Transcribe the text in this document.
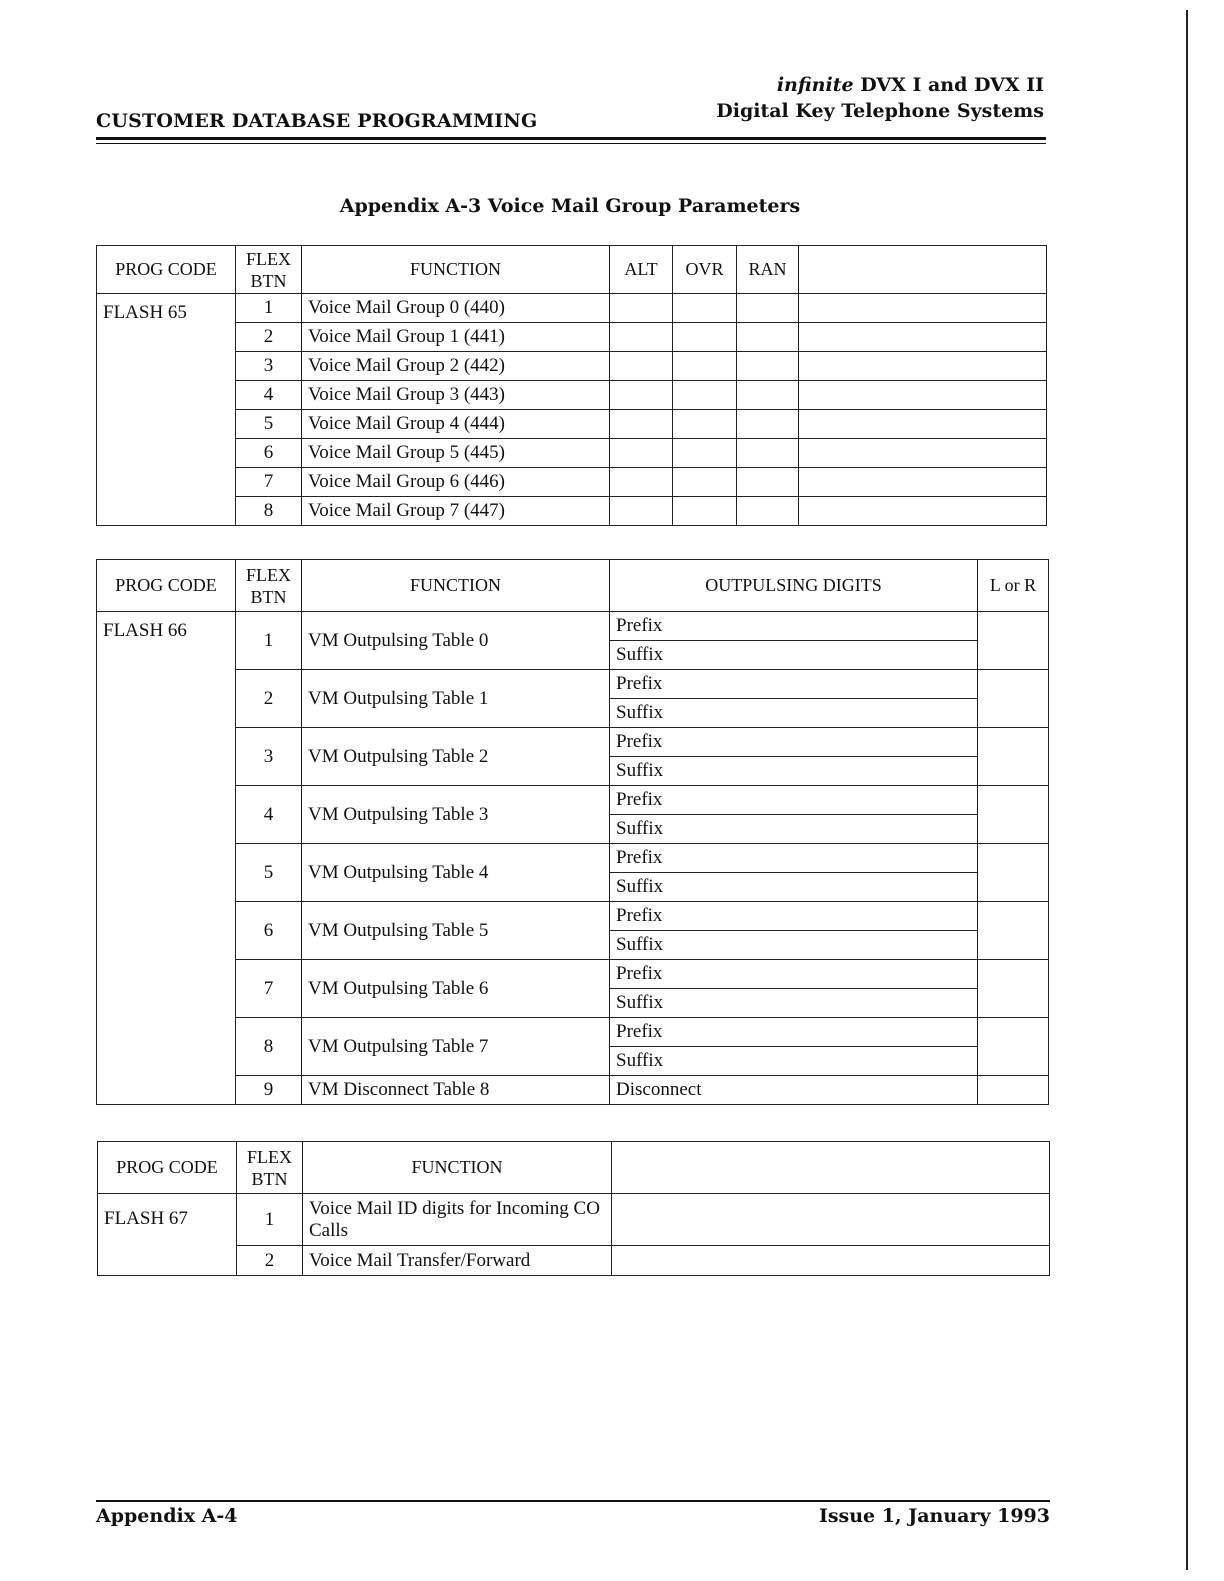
CUSTOMER DATABASE PROGRAMMING
infinite DVX I and DVX II
Digital Key Telephone Systems
Appendix A-3 Voice Mail Group Parameters
PROG CODE	FLEX BTN	FUNCTION	ALT	OVR	RAN	
FLASH 65	1	Voice Mail Group 0 (440)				
	2	Voice Mail Group 1 (441)				
	3	Voice Mail Group 2 (442)				
	4	Voice Mail Group 3 (443)				
	5	Voice Mail Group 4 (444)				
	6	Voice Mail Group 5 (445)				
	7	Voice Mail Group 6 (446)				
	8	Voice Mail Group 7 (447)				
PROG CODE	FLEX BTN	FUNCTION	OUTPULSING DIGITS	L or R
FLASH 66	1	VM Outpulsing Table 0	Prefix	
			Suffix	
	2	VM Outpulsing Table 1	Prefix	
			Suffix	
	3	VM Outpulsing Table 2	Prefix	
			Suffix	
	4	VM Outpulsing Table 3	Prefix	
			Suffix	
	5	VM Outpulsing Table 4	Prefix	
			Suffix	
	6	VM Outpulsing Table 5	Prefix	
			Suffix	
	7	VM Outpulsing Table 6	Prefix	
			Suffix	
	8	VM Outpulsing Table 7	Prefix	
			Suffix	
	9	VM Disconnect Table 8	Disconnect	
PROG CODE	FLEX BTN	FUNCTION	
FLASH 67	1	Voice Mail ID digits for Incoming CO Calls	
	2	Voice Mail Transfer/Forward	
Appendix A-4	Issue 1, January 1993
